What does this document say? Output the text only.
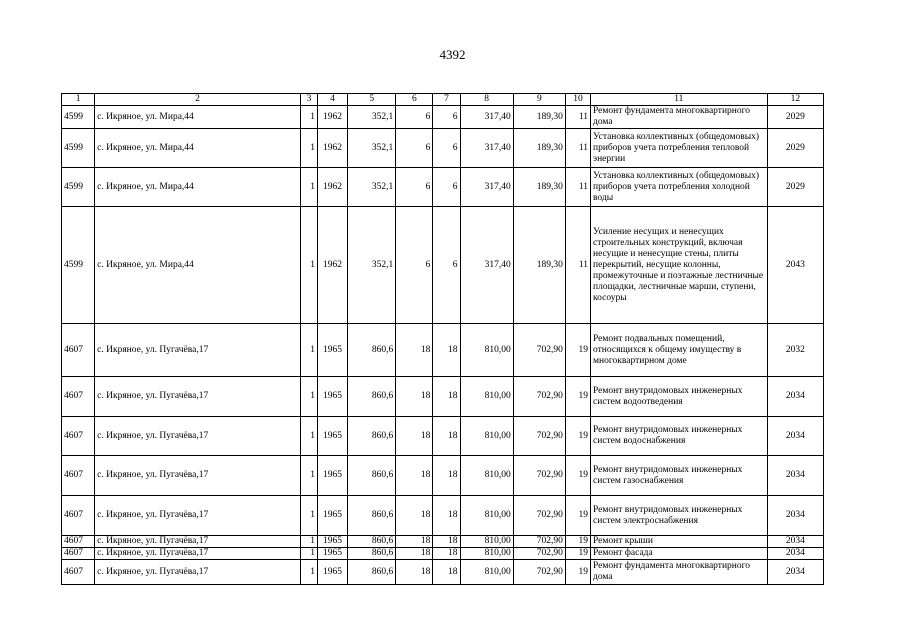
4392
1	2	3	4	5	6	7	8	9	10	11	12
4599	с. Икряное, ул. Мира,44	1	1962	352,1	6	6	317,40	189,30	11	Ремонт фундамента многоквартирного дома	2029
4599	с. Икряное, ул. Мира,44	1	1962	352,1	6	6	317,40	189,30	11	Установка коллективных (общедомовых) приборов учета потребления тепловой энергии	2029
4599	с. Икряное, ул. Мира,44	1	1962	352,1	6	6	317,40	189,30	11	Установка коллективных (общедомовых) приборов учета потребления холодной воды	2029
4599	с. Икряное, ул. Мира,44	1	1962	352,1	6	6	317,40	189,30	11	Усиление несущих и ненесущих строительных конструкций, включая несущие и ненесущие стены, плиты перекрытий, несущие колонны, промежуточные и поэтажные лестничные площадки, лестничные марши, ступени, косоуры	2043
4607	с. Икряное, ул. Пугачёва,17	1	1965	860,6	18	18	810,00	702,90	19	Ремонт подвальных помещений, относящихся к общему имуществу в многоквартирном доме	2032
4607	с. Икряное, ул. Пугачёва,17	1	1965	860,6	18	18	810,00	702,90	19	Ремонт внутридомовых инженерных систем водоотведения	2034
4607	с. Икряное, ул. Пугачёва,17	1	1965	860,6	18	18	810,00	702,90	19	Ремонт внутридомовых инженерных систем водоснабжения	2034
4607	с. Икряное, ул. Пугачёва,17	1	1965	860,6	18	18	810,00	702,90	19	Ремонт внутридомовых инженерных систем газоснабжения	2034
4607	с. Икряное, ул. Пугачёва,17	1	1965	860,6	18	18	810,00	702,90	19	Ремонт внутридомовых инженерных систем электроснабжения	2034
4607	с. Икряное, ул. Пугачёва,17	1	1965	860,6	18	18	810,00	702,90	19	Ремонт крыши	2034
4607	с. Икряное, ул. Пугачёва,17	1	1965	860,6	18	18	810,00	702,90	19	Ремонт фасада	2034
4607	с. Икряное, ул. Пугачёва,17	1	1965	860,6	18	18	810,00	702,90	19	Ремонт фундамента многоквартирного дома	2034
